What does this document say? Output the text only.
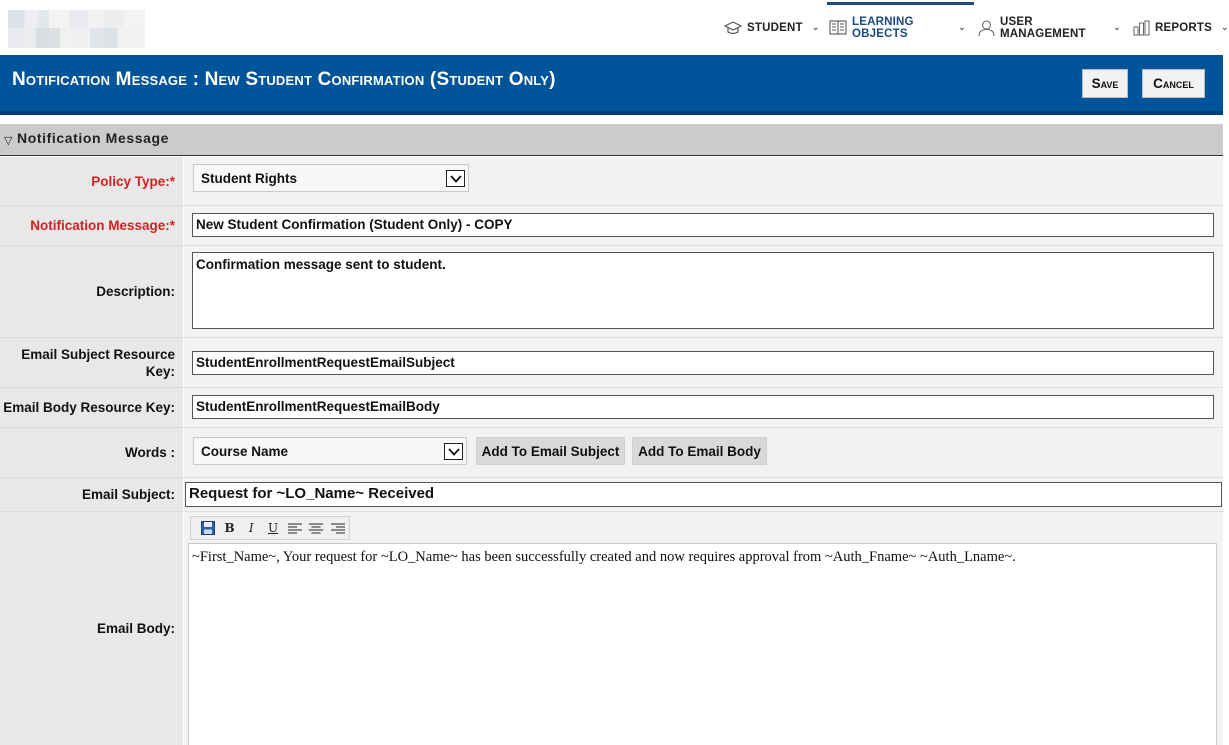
STUDENT ⌄	LEARNING OBJECTS
⌄	USER MANAGEMENT
⌄	REPORTS ⌄
Notification Message : New Student Confirmation (Student Only)	Save	Cancel
▽ Notification Message
Policy Type:*	Student Rights
Notification Message:*	New Student Confirmation (Student Only) - COPY
Description:
Confirmation message sent to student.
Email Subject Resource Key:
StudentEnrollmentRequestEmailSubject
Email Body Resource Key:	StudentEnrollmentRequestEmailBody
Words :	Course Name	Add To Email Subject	Add To Email Body
Email Subject: Request for ~LO_Name~ Received
Email Body:
B	I	U
~First_Name~, Your request for ~LO_Name~ has been successfully created and now requires approval from ~Auth_Fname~ ~Auth_Lname~.
